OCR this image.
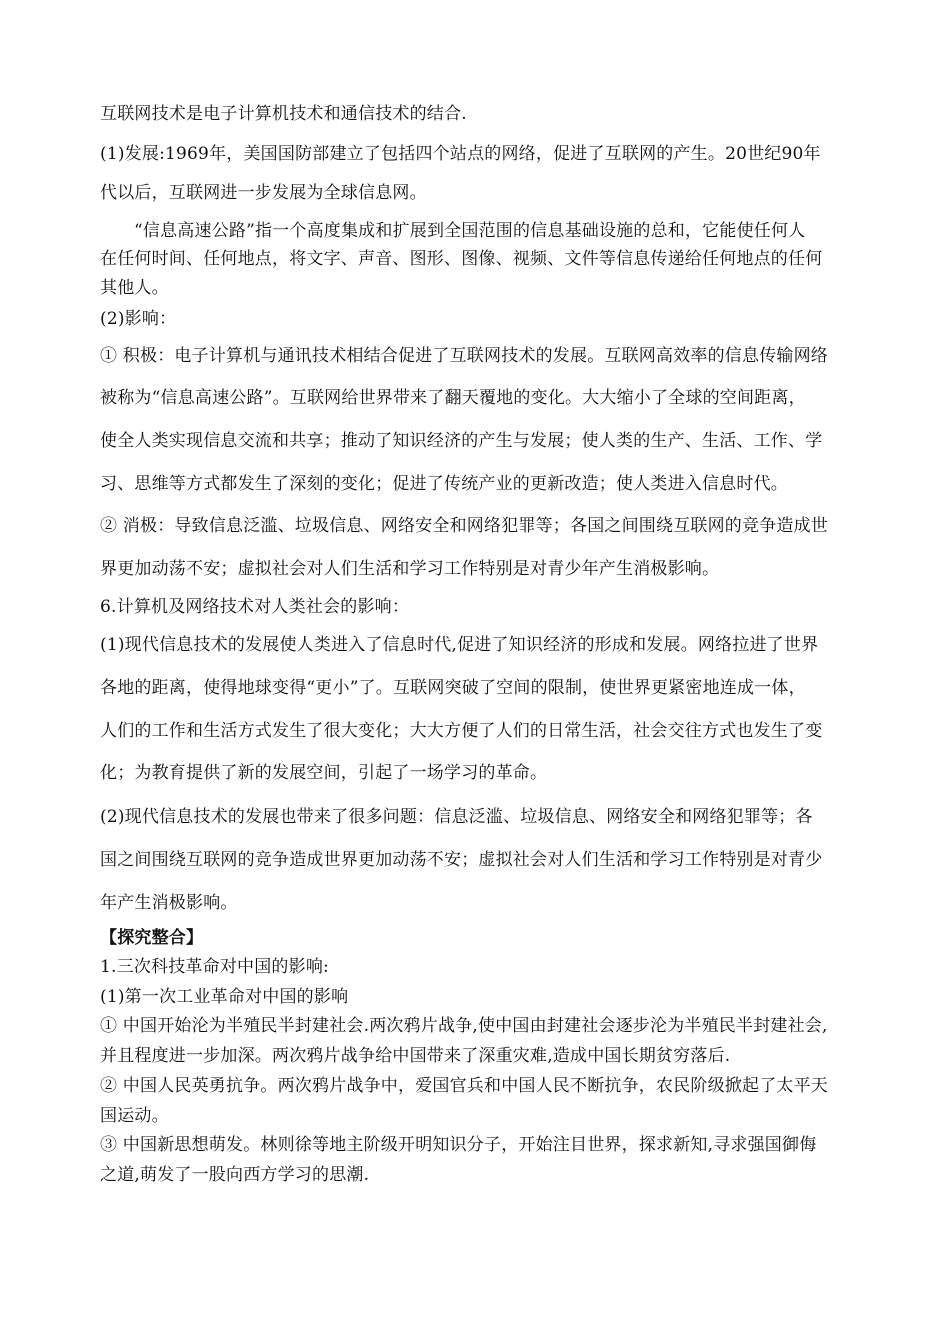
互联网技术是电子计算机技术和通信技术的结合.
(1)发展:1969年，美国国防部建立了包括四个站点的网络，促进了互联网的产生。20世纪90年
代以后，互联网进一步发展为全球信息网。
“信息高速公路”指一个高度集成和扩展到全国范围的信息基础设施的总和，它能使任何人
在任何时间、任何地点，将文字、声音、图形、图像、视频、文件等信息传递给任何地点的任何
其他人。
(2)影响：
① 积极：电子计算机与通讯技术相结合促进了互联网技术的发展。互联网高效率的信息传输网络
被称为“信息高速公路”。互联网给世界带来了翻天覆地的变化。大大缩小了全球的空间距离，
使全人类实现信息交流和共享；推动了知识经济的产生与发展；使人类的生产、生活、工作、学
习、思维等方式都发生了深刻的变化；促进了传统产业的更新改造；使人类进入信息时代。
② 消极：导致信息泛滥、垃圾信息、网络安全和网络犯罪等；各国之间围绕互联网的竞争造成世
界更加动荡不安；虚拟社会对人们生活和学习工作特别是对青少年产生消极影响。
6.计算机及网络技术对人类社会的影响：
(1)现代信息技术的发展使人类进入了信息时代,促进了知识经济的形成和发展。网络拉进了世界
各地的距离，使得地球变得“更小”了。互联网突破了空间的限制，使世界更紧密地连成一体，
人们的工作和生活方式发生了很大变化；大大方便了人们的日常生活，社会交往方式也发生了变
化；为教育提供了新的发展空间，引起了一场学习的革命。
(2)现代信息技术的发展也带来了很多问题：信息泛滥、垃圾信息、网络安全和网络犯罪等；各
国之间围绕互联网的竞争造成世界更加动荡不安；虚拟社会对人们生活和学习工作特别是对青少
年产生消极影响。
【探究整合】
1.三次科技革命对中国的影响:
(1)第一次工业革命对中国的影响
① 中国开始沦为半殖民半封建社会.两次鸦片战争,使中国由封建社会逐步沦为半殖民半封建社会,
并且程度进一步加深。两次鸦片战争给中国带来了深重灾难,造成中国长期贫穷落后.
② 中国人民英勇抗争。两次鸦片战争中，爱国官兵和中国人民不断抗争，农民阶级掀起了太平天
国运动。
③ 中国新思想萌发。林则徐等地主阶级开明知识分子，开始注目世界，探求新知,寻求强国御侮
之道,萌发了一股向西方学习的思潮.
